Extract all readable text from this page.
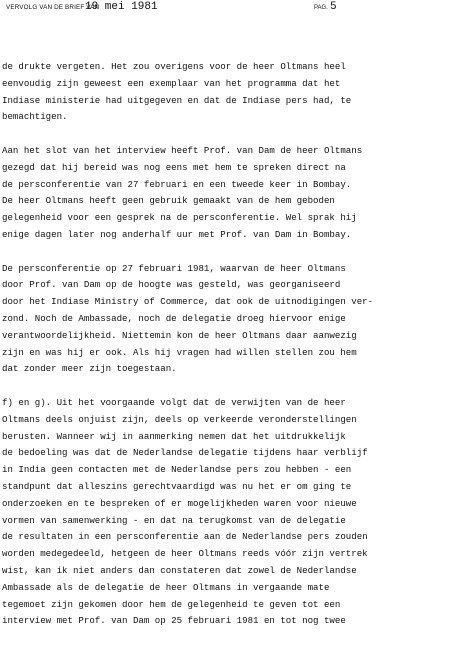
VERVOLG VAN DE BRIEF VAN
19 mei 1981	PAG. 5

de drukte vergeten. Het zou overigens voor de heer Oltmans heel
eenvoudig zijn geweest een exemplaar van het programma dat het
Indiase ministerie had uitgegeven en dat de Indiase pers had, te
bemachtigen.

Aan het slot van het interview heeft Prof. van Dam de heer Oltmans
gezegd dat hij bereid was nog eens met hem te spreken direct na
de persconferentie van 27 februari en een tweede keer in Bombay.
De heer Oltmans heeft geen gebruik gemaakt van de hem geboden
gelegenheid voor een gesprek na de persconferentie. Wel sprak hij
enige dagen later nog anderhalf uur met Prof. van Dam in Bombay.

De persconferentie op 27 februari 1981, waarvan de heer Oltmans
door Prof. van Dam op de hoogte was gesteld, was georganiseerd
door het Indiase Ministry of Commerce, dat ook de uitnodigingen ver-
zond. Noch de Ambassade, noch de delegatie droeg hiervoor enige
verantwoordelijkheid. Niettemin kon de heer Oltmans daar aanwezig
zijn en was hij er ook. Als hij vragen had willen stellen zou hem
dat zonder meer zijn toegestaan.

f) en g). Uit het voorgaande volgt dat de verwijten van de heer
Oltmans deels onjuist zijn, deels op verkeerde veronderstellingen
berusten. Wanneer wij in aanmerking nemen dat het uitdrukkelijk
de bedoeling was dat de Nederlandse delegatie tijdens haar verblijf
in India geen contacten met de Nederlandse pers zou hebben - een
standpunt dat alleszins gerechtvaardigd was nu het er om ging te
onderzoeken en te bespreken of er mogelijkheden waren voor nieuwe
vormen van samenwerking - en dat na terugkomst van de delegatie
de resultaten in een persconferentie aan de Nederlandse pers zouden
worden medegedeeld, hetgeen de heer Oltmans reeds vóór zijn vertrek
wist, kan ik niet anders dan constateren dat zowel de Nederlandse
Ambassade als de delegatie de heer Oltmans in vergaande mate
tegemoet zijn gekomen door hem de gelegenheid te geven tot een
interview met Prof. van Dam op 25 februari 1981 en tot nog twee
